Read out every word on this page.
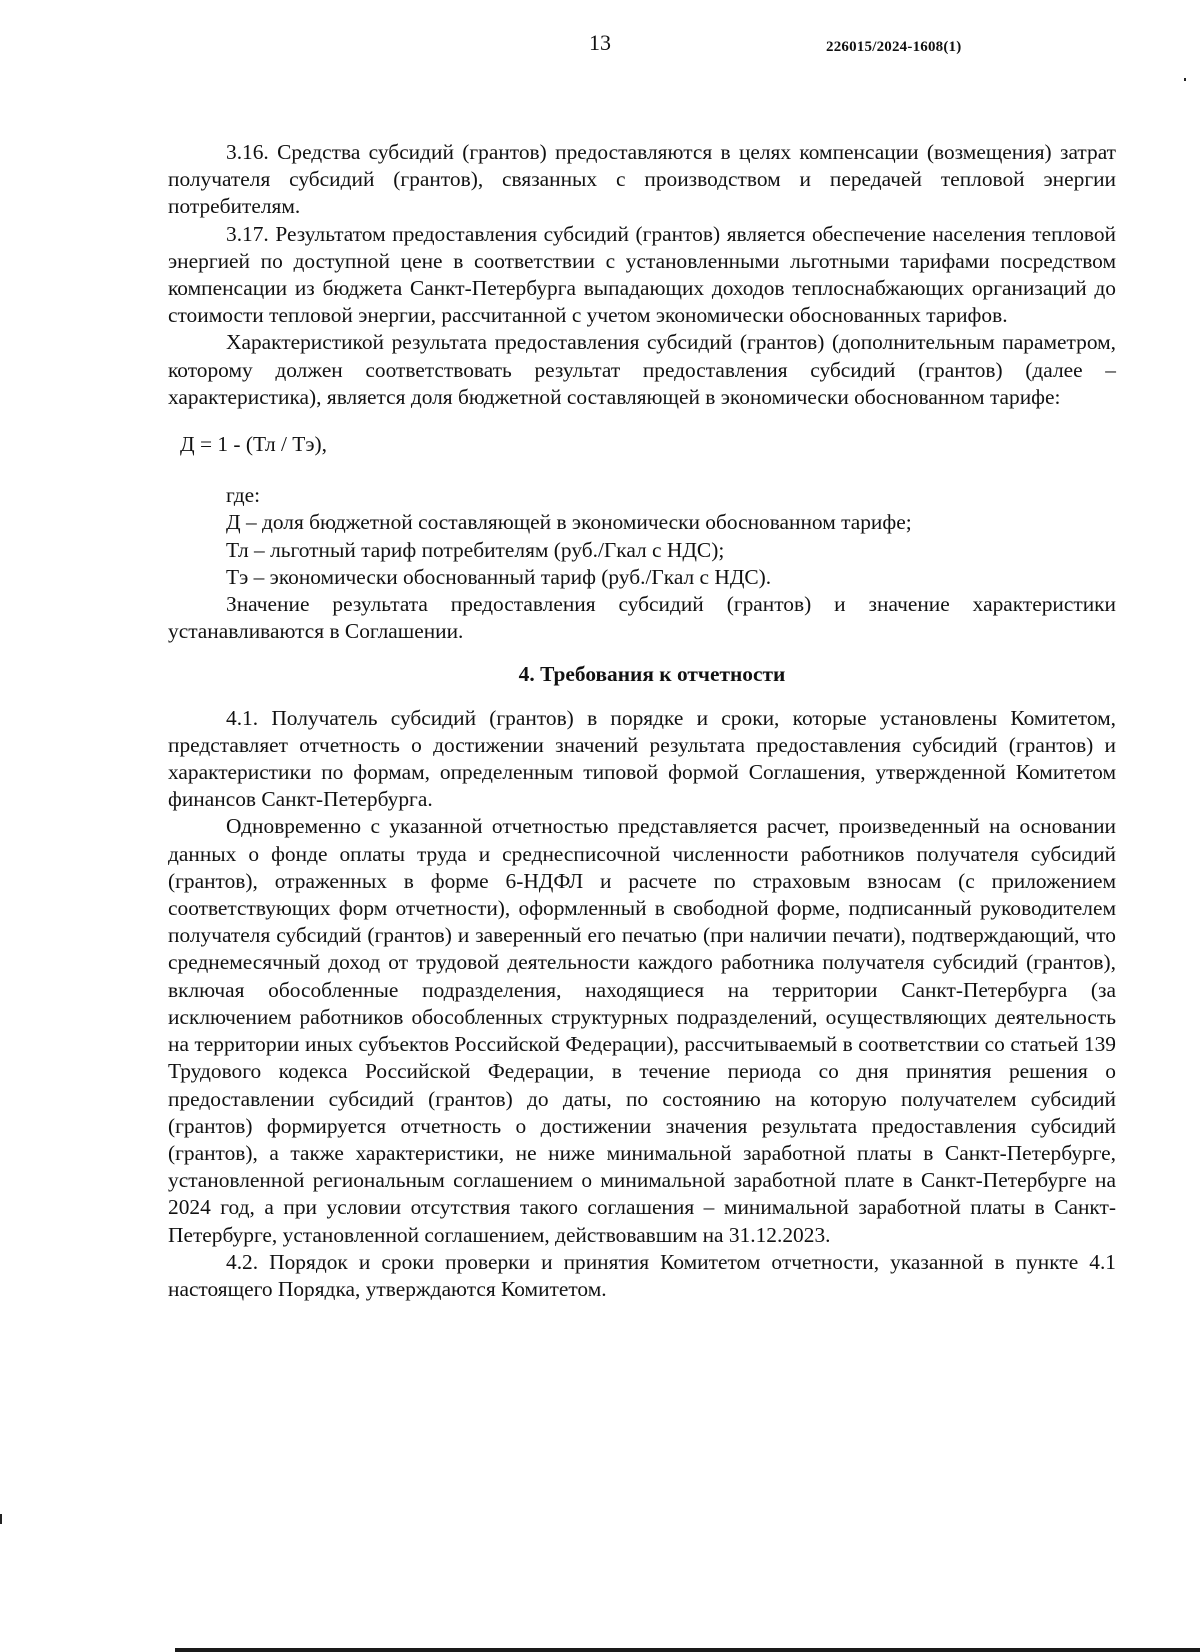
13	226015/2024-1608(1)

3.16. Средства субсидий (грантов) предоставляются в целях компенсации (возмещения) затрат получателя субсидий (грантов), связанных с производством и передачей тепловой энергии потребителям.

3.17. Результатом предоставления субсидий (грантов) является обеспечение населения тепловой энергией по доступной цене в соответствии с установленными льготными тарифами посредством компенсации из бюджета Санкт-Петербурга выпадающих доходов теплоснабжающих организаций до стоимости тепловой энергии, рассчитанной с учетом экономически обоснованных тарифов.

Характеристикой результата предоставления субсидий (грантов) (дополнительным параметром, которому должен соответствовать результат предоставления субсидий (грантов) (далее – характеристика), является доля бюджетной составляющей в экономически обоснованном тарифе:

Д = 1 - (Тл / Тэ),

где:

Д – доля бюджетной составляющей в экономически обоснованном тарифе;

Тл – льготный тариф потребителям (руб./Гкал с НДС);

Тэ – экономически обоснованный тариф (руб./Гкал с НДС).

Значение результата предоставления субсидий (грантов) и значение характеристики устанавливаются в Соглашении.

4. Требования к отчетности

4.1. Получатель субсидий (грантов) в порядке и сроки, которые установлены Комитетом, представляет отчетность о достижении значений результата предоставления субсидий (грантов) и характеристики по формам, определенным типовой формой Соглашения, утвержденной Комитетом финансов Санкт-Петербурга.

Одновременно с указанной отчетностью представляется расчет, произведенный на основании данных о фонде оплаты труда и среднесписочной численности работников получателя субсидий (грантов), отраженных в форме 6-НДФЛ и расчете по страховым взносам (с приложением соответствующих форм отчетности), оформленный в свободной форме, подписанный руководителем получателя субсидий (грантов) и заверенный его печатью (при наличии печати), подтверждающий, что среднемесячный доход от трудовой деятельности каждого работника получателя субсидий (грантов), включая обособленные подразделения, находящиеся на территории Санкт-Петербурга (за исключением работников обособленных структурных подразделений, осуществляющих деятельность на территории иных субъектов Российской Федерации), рассчитываемый в соответствии со статьей 139 Трудового кодекса Российской Федерации, в течение периода со дня принятия решения о предоставлении субсидий (грантов) до даты, по состоянию на которую получателем субсидий (грантов) формируется отчетность о достижении значения результата предоставления субсидий (грантов), а также характеристики, не ниже минимальной заработной платы в Санкт-Петербурге, установленной региональным соглашением о минимальной заработной плате в Санкт-Петербурге на 2024 год, а при условии отсутствия такого соглашения – минимальной заработной платы в Санкт-Петербурге, установленной соглашением, действовавшим на 31.12.2023.

4.2. Порядок и сроки проверки и принятия Комитетом отчетности, указанной в пункте 4.1 настоящего Порядка, утверждаются Комитетом.
